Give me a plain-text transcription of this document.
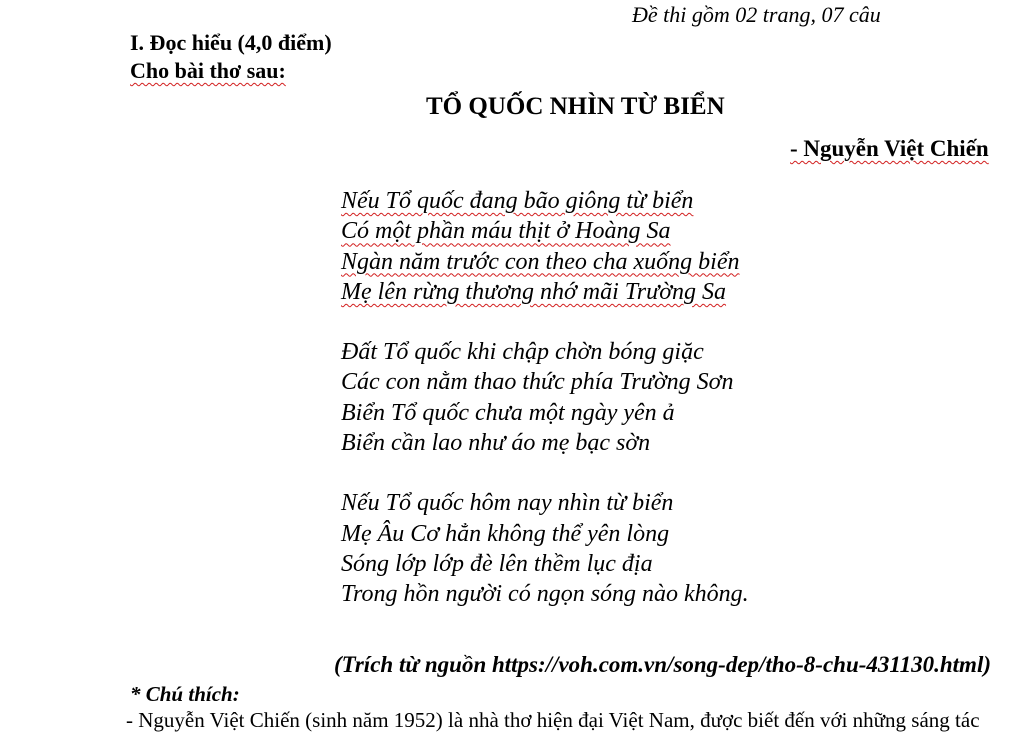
Đề thi gồm 02 trang, 07 câu
I. Đọc hiểu (4,0 điểm)
Cho bài thơ sau:
TỔ QUỐC NHÌN TỪ BIỂN
- Nguyễn Việt Chiến
Nếu Tổ quốc đang bão giông từ biển
Có một phần máu thịt ở Hoàng Sa
Ngàn năm trước con theo cha xuống biển
Mẹ lên rừng thương nhớ mãi Trường Sa
Đất Tổ quốc khi chập chờn bóng giặc
Các con nằm thao thức phía Trường Sơn
Biển Tổ quốc chưa một ngày yên ả
Biển cần lao như áo mẹ bạc sờn
Nếu Tổ quốc hôm nay nhìn từ biển
Mẹ Âu Cơ hẳn không thể yên lòng
Sóng lớp lớp đè lên thềm lục địa
Trong hồn người có ngọn sóng nào không.
(Trích từ nguồn https://voh.com.vn/song-dep/tho-8-chu-431130.html)
* Chú thích:
- Nguyễn Việt Chiến (sinh năm 1952) là nhà thơ hiện đại Việt Nam, được biết đến với những sáng tác
